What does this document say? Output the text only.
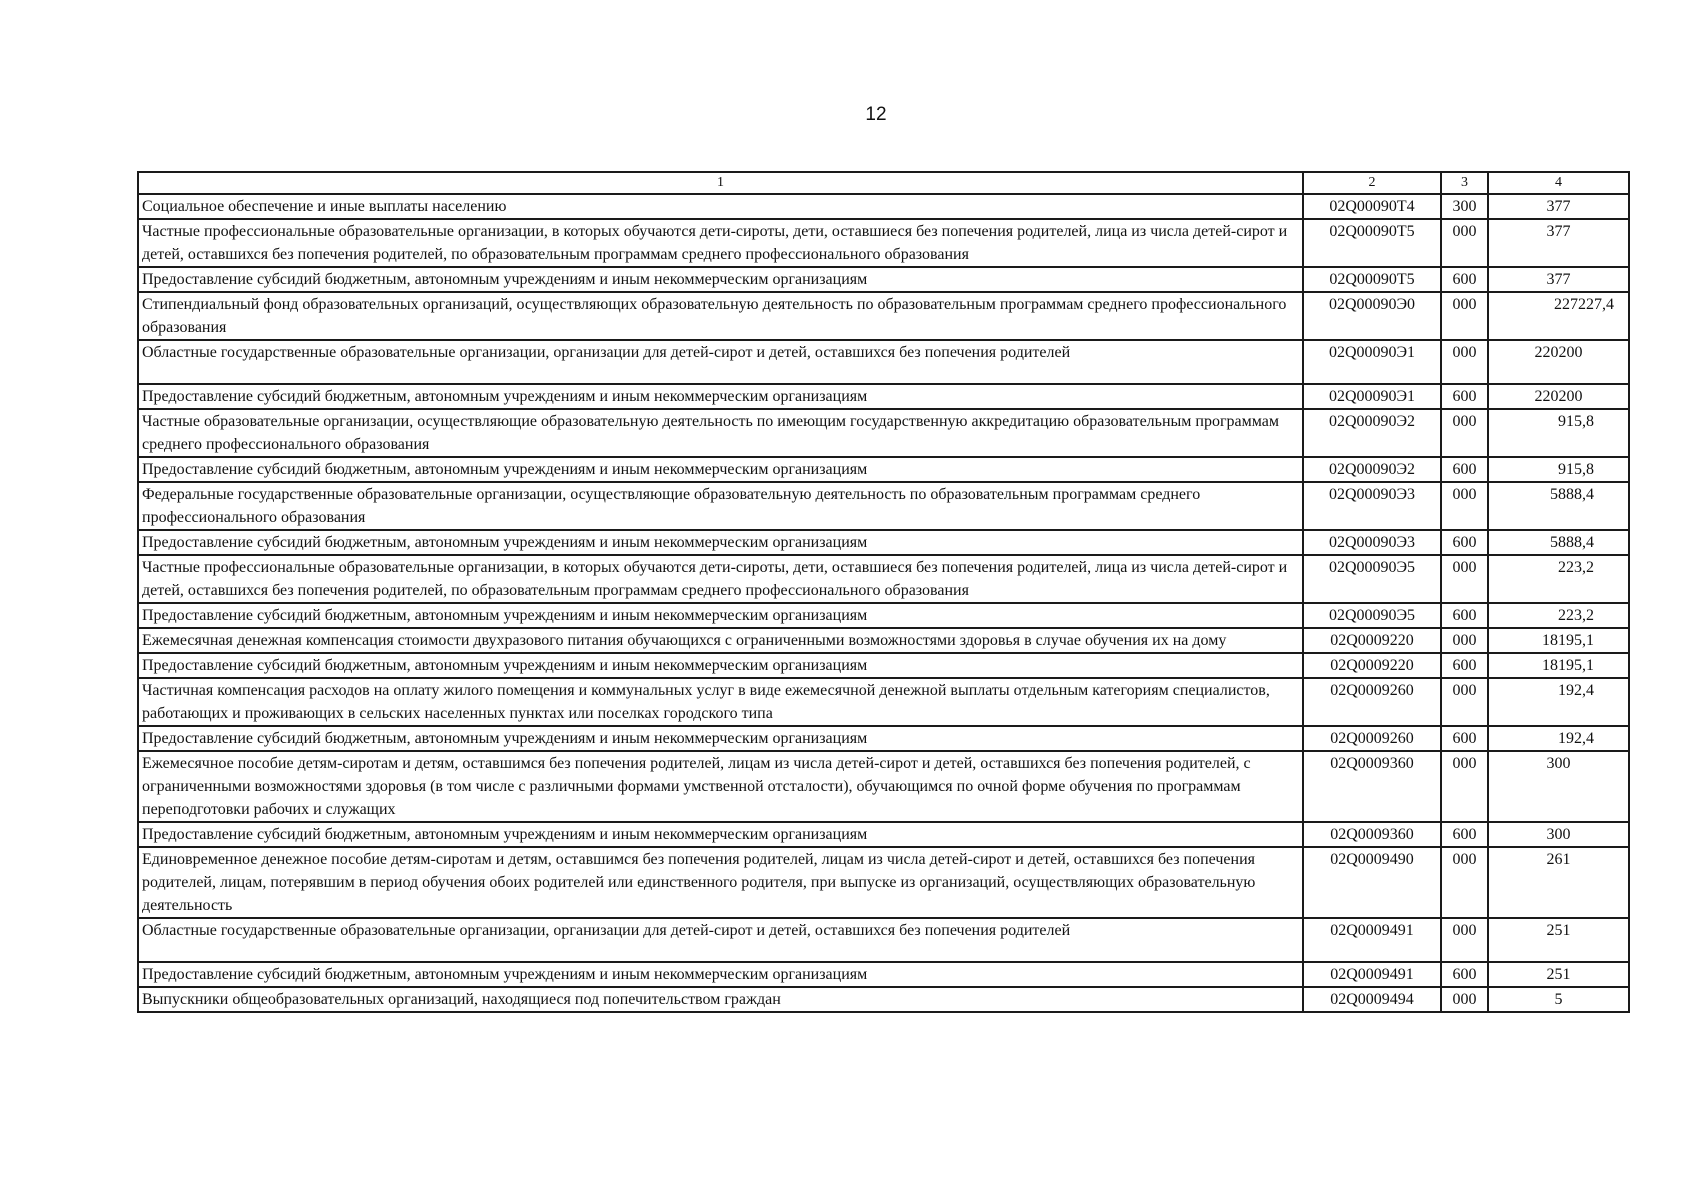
12
1	2	3	4
Социальное обеспечение и иные выплаты населению	02Q00090Т4	300	377
Частные профессиональные образовательные организации, в которых обучаются дети-сироты, дети, оставшиеся без попечения родителей, лица из числа детей-сирот и детей, оставшихся без попечения родителей, по образовательным программам среднего профессионального образования	02Q00090Т5	000	377
Предоставление субсидий бюджетным, автономным учреждениям и иным некоммерческим организациям	02Q00090Т5	600	377
Стипендиальный фонд образовательных организаций, осуществляющих образовательную деятельность по образовательным программам среднего профессионального образования	02Q00090Э0	000	227227,4
Областные государственные образовательные организации, организации для детей-сирот и детей, оставшихся без попечения родителей	02Q00090Э1	000	220200
Предоставление субсидий бюджетным, автономным учреждениям и иным некоммерческим организациям	02Q00090Э1	600	220200
Частные образовательные организации, осуществляющие образовательную деятельность по имеющим государственную аккредитацию образовательным программам среднего профессионального образования	02Q00090Э2	000	915,8
Предоставление субсидий бюджетным, автономным учреждениям и иным некоммерческим организациям	02Q00090Э2	600	915,8
Федеральные государственные образовательные организации, осуществляющие образовательную деятельность по образовательным программам среднего профессионального образования	02Q00090Э3	000	5888,4
Предоставление субсидий бюджетным, автономным учреждениям и иным некоммерческим организациям	02Q00090Э3	600	5888,4
Частные профессиональные образовательные организации, в которых обучаются дети-сироты, дети, оставшиеся без попечения родителей, лица из числа детей-сирот и детей, оставшихся без попечения родителей, по образовательным программам среднего профессионального образования	02Q00090Э5	000	223,2
Предоставление субсидий бюджетным, автономным учреждениям и иным некоммерческим организациям	02Q00090Э5	600	223,2
Ежемесячная денежная компенсация стоимости двухразового питания обучающихся с ограниченными возможностями здоровья в случае обучения их на дому	02Q0009220	000	18195,1
Предоставление субсидий бюджетным, автономным учреждениям и иным некоммерческим организациям	02Q0009220	600	18195,1
Частичная компенсация расходов на оплату жилого помещения и коммунальных услуг в виде ежемесячной денежной выплаты отдельным категориям специалистов, работающих и проживающих в сельских населенных пунктах или поселках городского типа	02Q0009260	000	192,4
Предоставление субсидий бюджетным, автономным учреждениям и иным некоммерческим организациям	02Q0009260	600	192,4
Ежемесячное пособие детям-сиротам и детям, оставшимся без попечения родителей, лицам из числа детей-сирот и детей, оставшихся без попечения родителей, с ограниченными возможностями здоровья (в том числе с различными формами умственной отсталости), обучающимся по очной форме обучения по программам переподготовки рабочих и служащих	02Q0009360	000	300
Предоставление субсидий бюджетным, автономным учреждениям и иным некоммерческим организациям	02Q0009360	600	300
Единовременное денежное пособие детям-сиротам и детям, оставшимся без попечения родителей, лицам из числа детей-сирот и детей, оставшихся без попечения родителей, лицам, потерявшим в период обучения обоих родителей или единственного родителя, при выпуске из организаций, осуществляющих образовательную деятельность	02Q0009490	000	261
Областные государственные образовательные организации, организации для детей-сирот и детей, оставшихся без попечения родителей	02Q0009491	000	251
Предоставление субсидий бюджетным, автономным учреждениям и иным некоммерческим организациям	02Q0009491	600	251
Выпускники общеобразовательных организаций, находящиеся под попечительством граждан	02Q0009494	000	5
